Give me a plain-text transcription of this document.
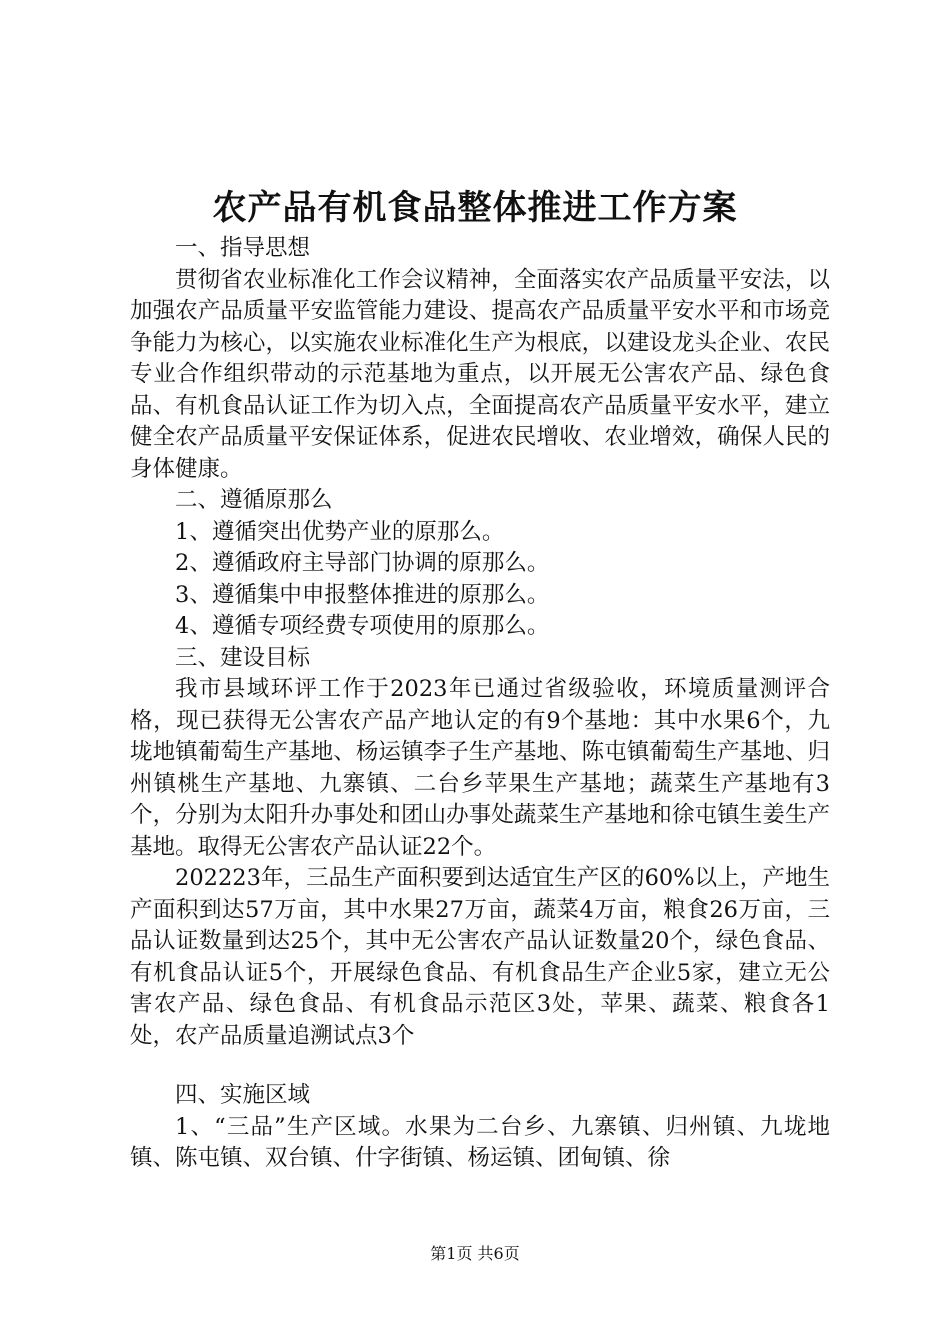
农产品有机食品整体推进工作方案

一、指导思想

贯彻省农业标准化工作会议精神，全面落实农产品质量平安法，以加强农产品质量平安监管能力建设、提高农产品质量平安水平和市场竞争能力为核心，以实施农业标准化生产为根底，以建设龙头企业、农民专业合作组织带动的示范基地为重点，以开展无公害农产品、绿色食品、有机食品认证工作为切入点，全面提高农产品质量平安水平，建立健全农产品质量平安保证体系，促进农民增收、农业增效，确保人民的身体健康。

二、遵循原那么

1、遵循突出优势产业的原那么。

2、遵循政府主导部门协调的原那么。

3、遵循集中申报整体推进的原那么。

4、遵循专项经费专项使用的原那么。

三、建设目标

我市县域环评工作于2023年已通过省级验收，环境质量测评合格，现已获得无公害农产品产地认定的有9个基地：其中水果6个，九垅地镇葡萄生产基地、杨运镇李子生产基地、陈屯镇葡萄生产基地、归州镇桃生产基地、九寨镇、二台乡苹果生产基地；蔬菜生产基地有3个，分别为太阳升办事处和团山办事处蔬菜生产基地和徐屯镇生姜生产基地。取得无公害农产品认证22个。

202223年，三品生产面积要到达适宜生产区的60%以上，产地生产面积到达57万亩，其中水果27万亩，蔬菜4万亩，粮食26万亩，三品认证数量到达25个，其中无公害农产品认证数量20个，绿色食品、有机食品认证5个，开展绿色食品、有机食品生产企业5家，建立无公害农产品、绿色食品、有机食品示范区3处，苹果、蔬菜、粮食各1处，农产品质量追溯试点3个

四、实施区域

1、“三品”生产区域。水果为二台乡、九寨镇、归州镇、九垅地镇、陈屯镇、双台镇、什字街镇、杨运镇、团甸镇、徐

第1页 共6页
